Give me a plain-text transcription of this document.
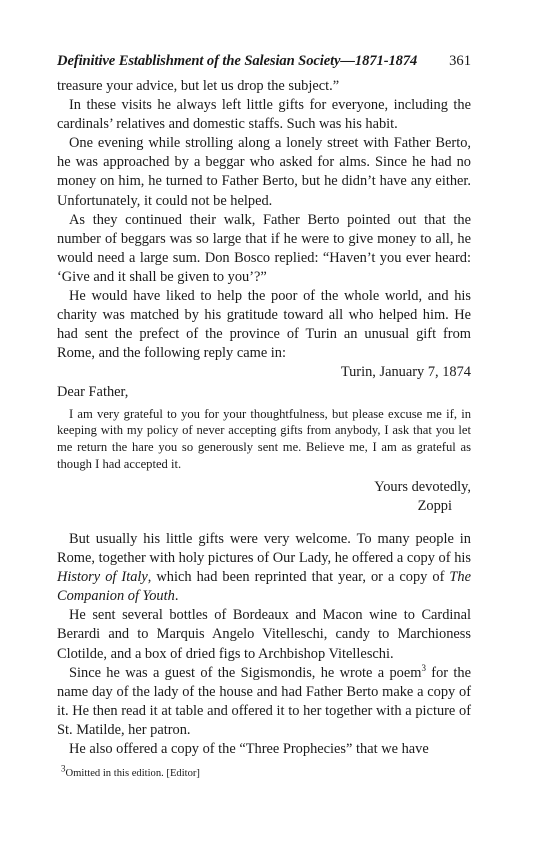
Definitive Establishment of the Salesian Society—1871-1874 361

treasure your advice, but let us drop the subject.”

In these visits he always left little gifts for everyone, including the cardinals’ relatives and domestic staffs. Such was his habit.

One evening while strolling along a lonely street with Father Berto, he was approached by a beggar who asked for alms. Since he had no money on him, he turned to Father Berto, but he didn’t have any either. Unfortunately, it could not be helped.

As they continued their walk, Father Berto pointed out that the number of beggars was so large that if he were to give money to all, he would need a large sum. Don Bosco replied: “Haven’t you ever heard: ‘Give and it shall be given to you’?”

He would have liked to help the poor of the whole world, and his charity was matched by his gratitude toward all who helped him. He had sent the prefect of the province of Turin an unusual gift from Rome, and the following reply came in:

Turin, January 7, 1874

Dear Father,

I am very grateful to you for your thoughtfulness, but please excuse me if, in keeping with my policy of never accepting gifts from anybody, I ask that you let me return the hare you so generously sent me. Believe me, I am as grateful as though I had accepted it.

Yours devotedly,

Zoppi

But usually his little gifts were very welcome. To many people in Rome, together with holy pictures of Our Lady, he offered a copy of his History of Italy, which had been reprinted that year, or a copy of The Companion of Youth.

He sent several bottles of Bordeaux and Macon wine to Cardinal Berardi and to Marquis Angelo Vitelleschi, candy to Marchioness Clotilde, and a box of dried figs to Archbishop Vitelleschi.

Since he was a guest of the Sigismondis, he wrote a poem$^3$ for the name day of the lady of the house and had Father Berto make a copy of it. He then read it at table and offered it to her together with a picture of St. Matilde, her patron.

He also offered a copy of the “Three Prophecies” that we have

$^3$Omitted in this edition. [Editor]
